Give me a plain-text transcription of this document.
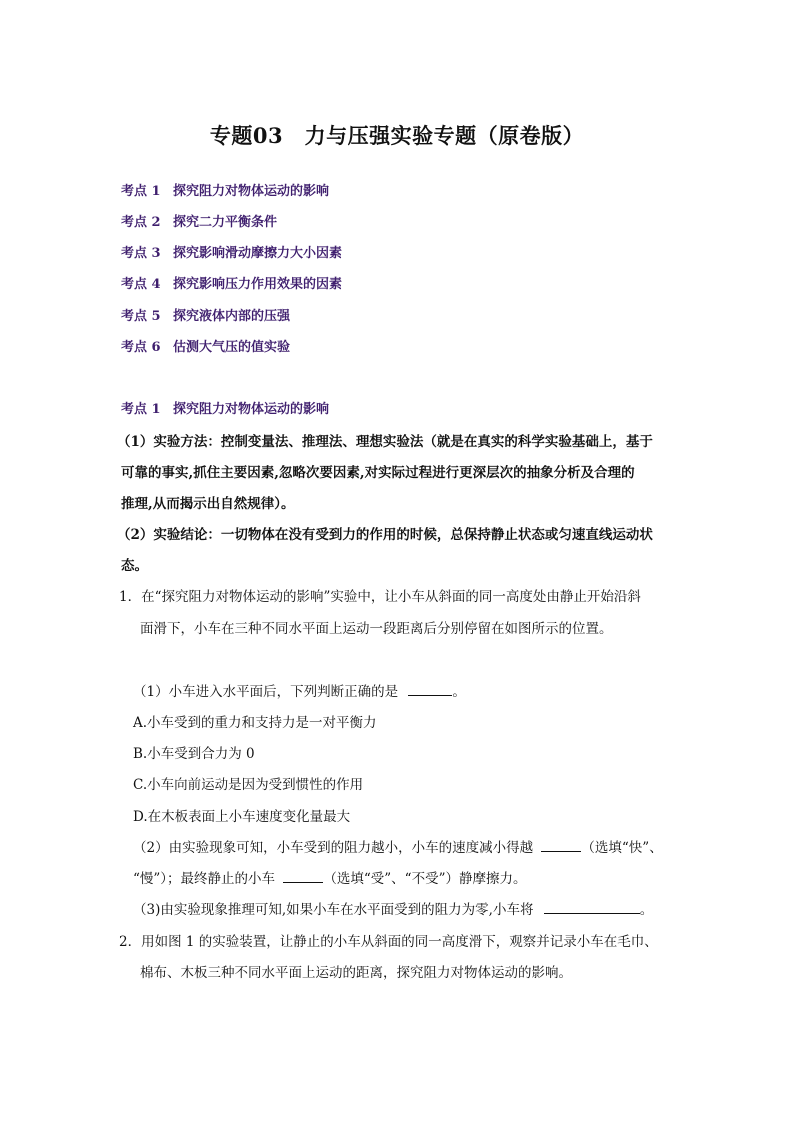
专题03　力与压强实验专题（原卷版）
考点 1 探究阻力对物体运动的影响
考点 2 探究二力平衡条件
考点 3 探究影响滑动摩擦力大小因素
考点 4 探究影响压力作用效果的因素
考点 5 探究液体内部的压强
考点 6 估测大气压的值实验
考点 1 探究阻力对物体运动的影响
（1）实验方法：控制变量法、推理法、理想实验法（就是在真实的科学实验基础上，基于
可靠的事实,抓住主要因素,忽略次要因素,对实际过程进行更深层次的抽象分析及合理的
推理,从而揭示出自然规律）。
（2）实验结论：一切物体在没有受到力的作用的时候，总保持静止状态或匀速直线运动状
态。
1．在“探究阻力对物体运动的影响”实验中，让小车从斜面的同一高度处由静止开始沿斜
面滑下，小车在三种不同水平面上运动一段距离后分别停留在如图所示的位置。
（1）小车进入水平面后，下列判断正确的是	。
A.小车受到的重力和支持力是一对平衡力
B.小车受到合力为 0
C.小车向前运动是因为受到惯性的作用
D.在木板表面上小车速度变化量最大
（2）由实验现象可知，小车受到的阻力越小，小车的速度减小得越	（选填“快”、
“慢”）；最终静止的小车	（选填“受”、“不受”）静摩擦力。
（3)由实验现象推理可知,如果小车在水平面受到的阻力为零,小车将	。
2．用如图 1 的实验装置，让静止的小车从斜面的同一高度滑下，观察并记录小车在毛巾、
棉布、木板三种不同水平面上运动的距离，探究阻力对物体运动的影响。
